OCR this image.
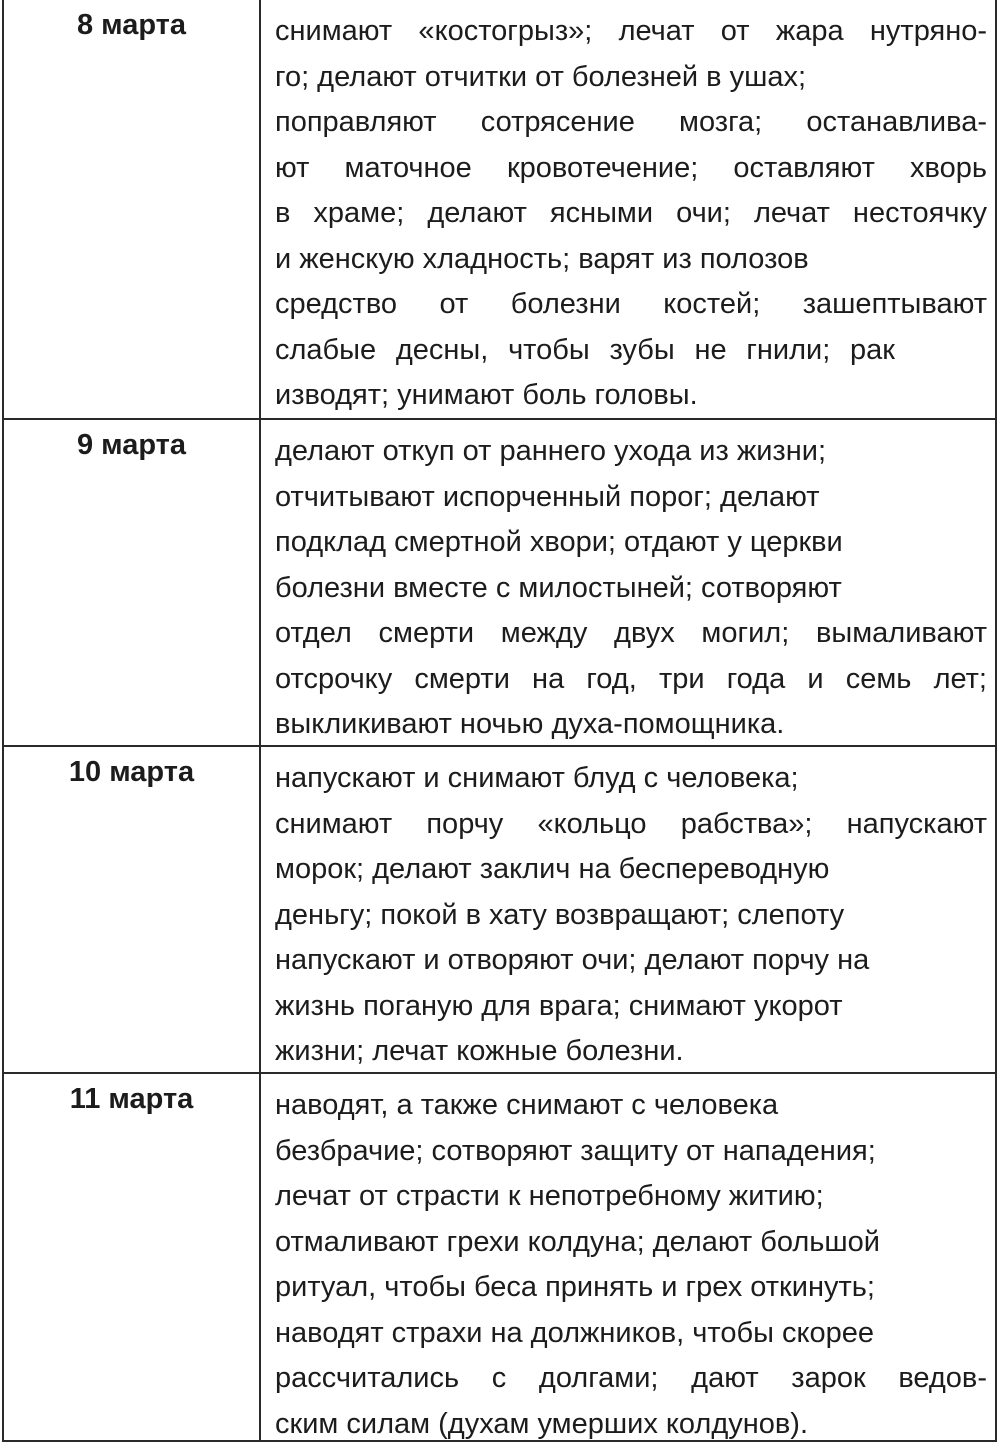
8 марта	снимают «костогрыз»; лечат от жара нутряно-
го; делают отчитки от болезней в ушах;
поправляют сотрясение мозга; останавлива-
ют маточное кровотечение; оставляют хворь
в храме; делают ясными очи; лечат нестоячку
и женскую хладность; варят из полозов
средство от болезни костей; зашептывают
слабые десны, чтобы зубы не гнили; рак
изводят; унимают боль головы.
9 марта	делают откуп от раннего ухода из жизни;
отчитывают испорченный порог; делают
подклад смертной хвори; отдают у церкви
болезни вместе с милостыней; сотворяют
отдел смерти между двух могил; вымаливают
отсрочку смерти на год, три года и семь лет;
выкликивают ночью духа-помощника.
10 марта	напускают и снимают блуд с человека;
снимают порчу «кольцо рабства»; напускают
морок; делают заклич на беспереводную
деньгу; покой в хату возвращают; слепоту
напускают и отворяют очи; делают порчу на
жизнь поганую для врага; снимают укорот
жизни; лечат кожные болезни.
11 марта	наводят, а также снимают с человека
безбрачие; сотворяют защиту от нападения;
лечат от страсти к непотребному житию;
отмаливают грехи колдуна; делают большой
ритуал, чтобы беса принять и грех откинуть;
наводят страхи на должников, чтобы скорее
рассчитались с долгами; дают зарок ведов-
ским силам (духам умерших колдунов).
